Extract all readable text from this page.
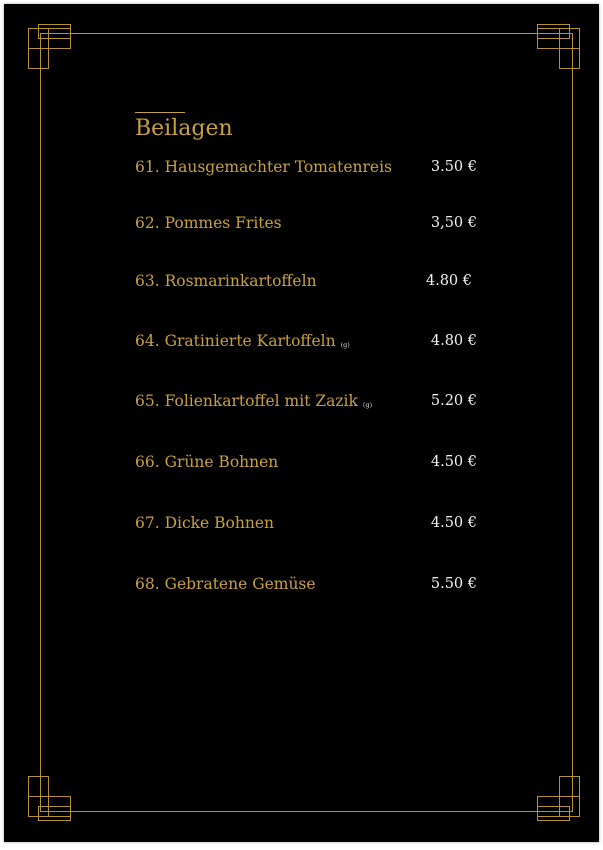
Beilagen
61. Hausgemachter Tomatenreis	3.50 €
62. Pommes Frites	3,50 €
63. Rosmarinkartoffeln	4.80 €
64. Gratinierte Kartoffeln (g)	4.80 €
65. Folienkartoffel mit Zazik (g)	5.20 €
66. Grüne Bohnen	4.50 €
67. Dicke Bohnen	4.50 €
68. Gebratene Gemüse	5.50 €
